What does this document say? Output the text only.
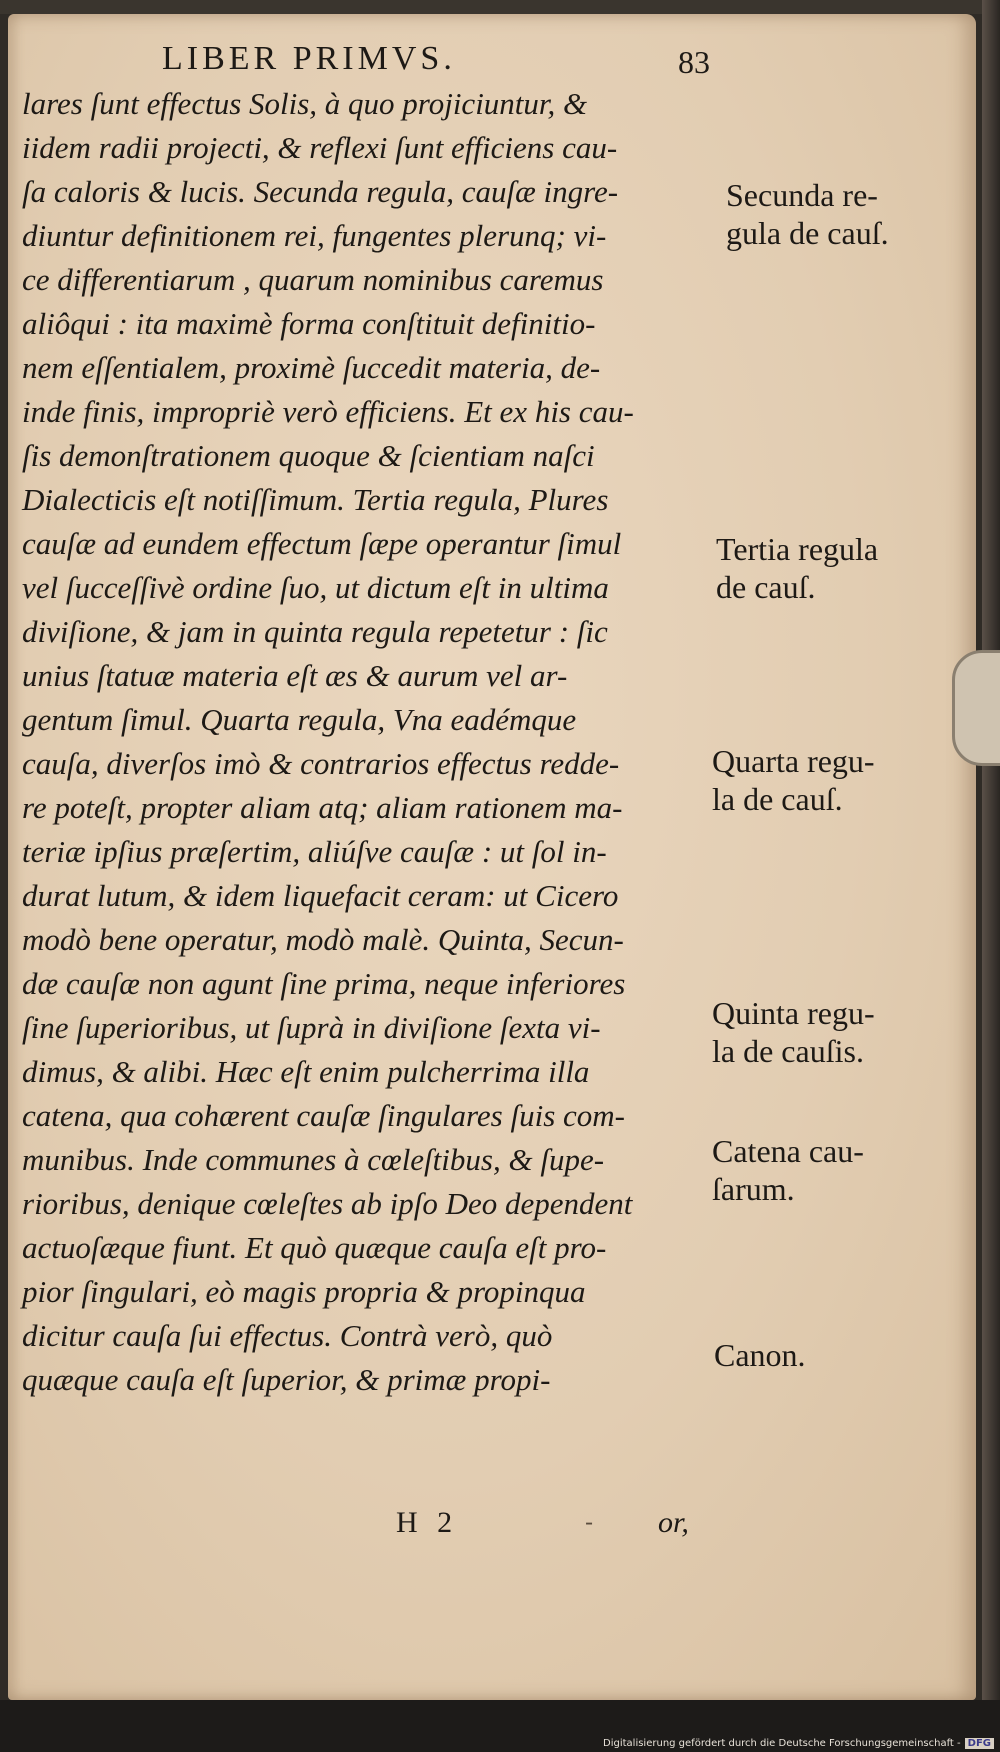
LIBER PRIMVS.	83
lares ſunt effectus Solis, à quo projiciuntur, &
iidem radii projecti, & reflexi ſunt efficiens cau-
ſa caloris & lucis. Secunda regula, cauſæ ingre-
diuntur definitionem rei, fungentes plerunq; vi-
ce differentiarum , quarum nominibus caremus
aliôqui : ita maximè forma conſtituit definitio-
nem eſſentialem, proximè ſuccedit materia, de-
inde finis, impropriè verò efficiens. Et ex his cau-
ſis demonſtrationem quoque & ſcientiam naſci
Dialecticis eſt notiſſimum. Tertia regula, Plures
cauſæ ad eundem effectum ſæpe operantur ſimul
vel ſucceſſivè ordine ſuo, ut dictum eſt in ultima
diviſione, & jam in quinta regula repetetur : ſic
unius ſtatuæ materia eſt æs & aurum vel ar-
gentum ſimul. Quarta regula, Vna eadémque
cauſa, diverſos imò & contrarios effectus redde-
re poteſt, propter aliam atq; aliam rationem ma-
teriæ ipſius præſertim, aliúſve cauſæ : ut ſol in-
durat lutum, & idem liquefacit ceram: ut Cicero
modò bene operatur, modò malè. Quinta, Secun-
dæ cauſæ non agunt ſine prima, neque inferiores
ſine ſuperioribus, ut ſuprà in diviſione ſexta vi-
dimus, & alibi. Hæc eſt enim pulcherrima illa
catena, qua cohærent cauſæ ſingulares ſuis com-
munibus. Inde communes à cœleſtibus, & ſupe-
rioribus, denique cœleſtes ab ipſo Deo dependent
actuoſæque fiunt. Et quò quæque cauſa eſt pro-
pior ſingulari, eò magis propria & propinqua
dicitur cauſa ſui effectus. Contrà verò, quò
quæque cauſa eſt ſuperior, & primæ propi-
Secunda re-
gula de cauſ.
Tertia regula
de cauſ.
Quarta regu-
la de cauſ.
Quinta regu-
la de cauſis.
Catena cau-
ſarum.
Canon.
H 2	- or,
Digitalisierung gefördert durch die Deutsche Forschungsgemeinschaft - DFG
